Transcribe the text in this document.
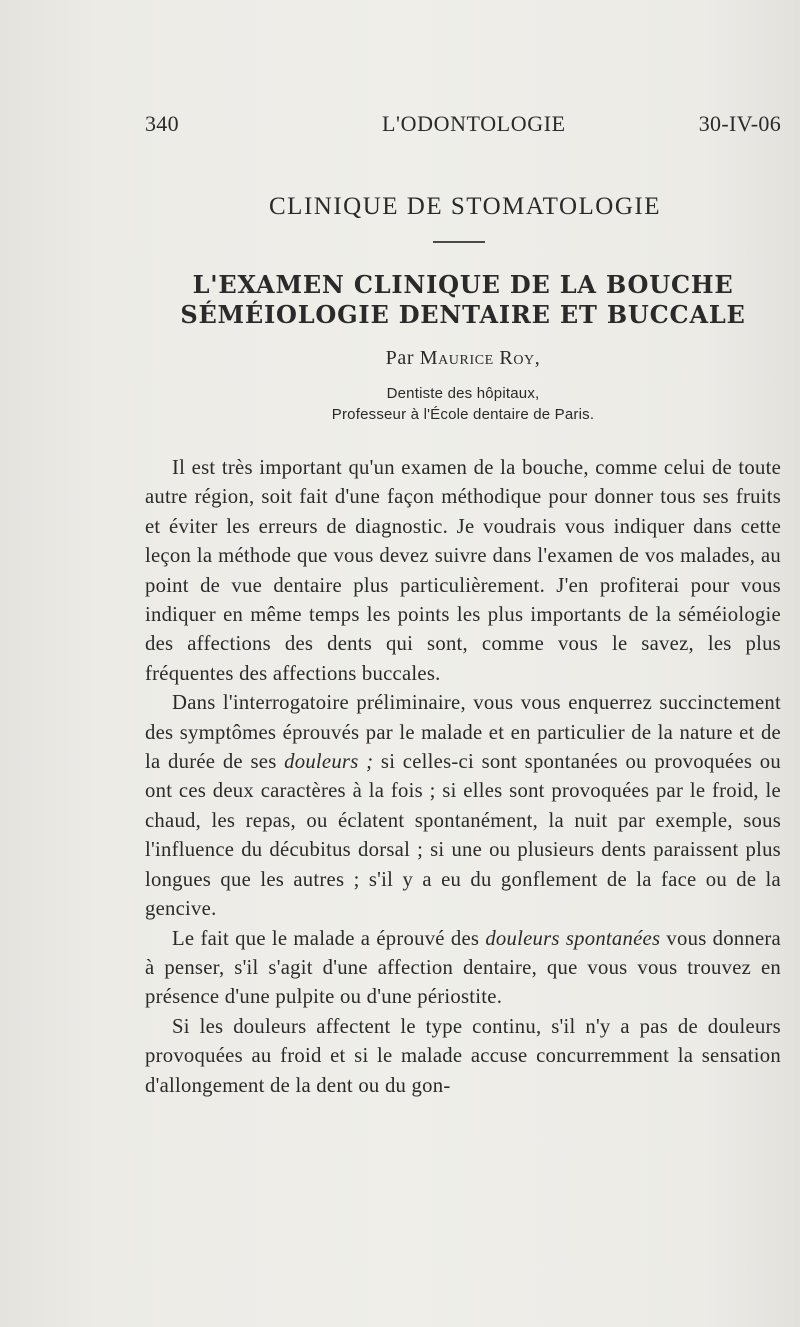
340	L'ODONTOLOGIE	30-IV-06
CLINIQUE DE STOMATOLOGIE
L'EXAMEN CLINIQUE DE LA BOUCHE
SÉMÉIOLOGIE DENTAIRE ET BUCCALE
Par Maurice Roy,
Dentiste des hôpitaux,
Professeur à l'École dentaire de Paris.

Il est très important qu'un examen de la bouche, comme celui de toute autre région, soit fait d'une façon méthodique pour donner tous ses fruits et éviter les erreurs de diagnostic. Je voudrais vous indiquer dans cette leçon la méthode que vous devez suivre dans l'examen de vos malades, au point de vue dentaire plus particulièrement. J'en profiterai pour vous indiquer en même temps les points les plus importants de la séméiologie des affections des dents qui sont, comme vous le savez, les plus fréquentes des affections buccales.

Dans l'interrogatoire préliminaire, vous vous enquerrez succinctement des symptômes éprouvés par le malade et en particulier de la nature et de la durée de ses douleurs ; si celles-ci sont spontanées ou provoquées ou ont ces deux caractères à la fois ; si elles sont provoquées par le froid, le chaud, les repas, ou éclatent spontanément, la nuit par exemple, sous l'influence du décubitus dorsal ; si une ou plusieurs dents paraissent plus longues que les autres ; s'il y a eu du gonflement de la face ou de la gencive.

Le fait que le malade a éprouvé des douleurs spontanées vous donnera à penser, s'il s'agit d'une affection dentaire, que vous vous trouvez en présence d'une pulpite ou d'une périostite.

Si les douleurs affectent le type continu, s'il n'y a pas de douleurs provoquées au froid et si le malade accuse concurremment la sensation d'allongement de la dent ou du gon-
